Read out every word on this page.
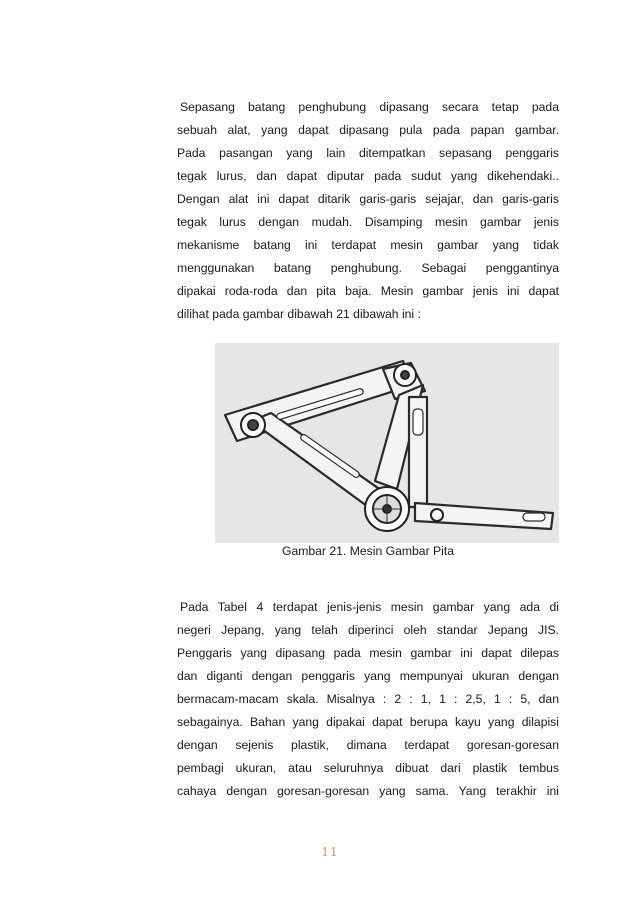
Sepasang batang penghubung dipasang secara tetap pada
sebuah alat, yang dapat dipasang pula pada papan gambar.
Pada pasangan yang lain ditempatkan sepasang penggaris
tegak lurus, dan dapat diputar pada sudut yang dikehendaki..
Dengan alat ini dapat ditarik garis-garis sejajar, dan garis-garis
tegak lurus dengan mudah. Disamping mesin gambar jenis
mekanisme batang ini terdapat mesin gambar yang tidak
menggunakan batang penghubung. Sebagai penggantinya
dipakai roda-roda dan pita baja. Mesin gambar jenis ini dapat
dilihat pada gambar dibawah 21 dibawah ini :
Gambar 21. Mesin Gambar Pita
Pada Tabel 4 terdapat jenis-jenis mesin gambar yang ada di
negeri Jepang, yang telah diperinci oleh standar Jepang JIS.
Penggaris yang dipasang pada mesin gambar ini dapat dilepas
dan diganti dengan penggaris yang mempunyai ukuran dengan
bermacam-macam skala. Misalnya : 2 : 1, 1 : 2,5, 1 : 5, dan
sebagainya. Bahan yang dipakai dapat berupa kayu yang dilapisi
dengan sejenis plastik, dimana terdapat goresan-goresan
pembagi ukuran, atau seluruhnya dibuat dari plastik tembus
cahaya dengan goresan-goresan yang sama. Yang terakhir ini
11
